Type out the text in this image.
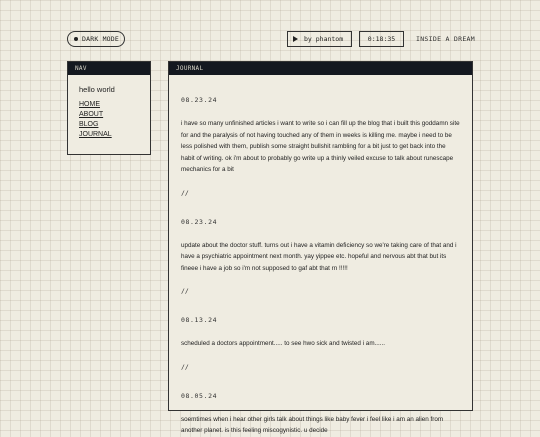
DARK MODE	by phantom	0:18:35	INSIDE A DREAM
NAV
hello world
HOME
ABOUT
BLOG
JOURNAL
JOURNAL
08.23.24
i have so many unfinished articles i want to write so i can fill up the blog that i built this goddamn site for and the paralysis of not having touched any of them in weeks is killing me. maybe i need to be less polished with them, publish some straight bullshit rambling for a bit just to get back into the habit of writing. ok i'm about to probably go write up a thinly veiled excuse to talk about runescape mechanics for a bit
//
08.23.24
update about the doctor stuff. turns out i have a vitamin deficiency so we're taking care of that and i have a psychiatric appointment next month. yay yippee etc. hopeful and nervous abt that but its fineee i have a job so i'm not supposed to gaf abt that rn !!!!!
//
08.13.24
scheduled a doctors appointment..... to see hwo sick and twisted i am......
//
08.05.24
soemtimes when i hear other girls talk about things like baby fever i feel like i am an alien from another planet. is this feeling miscogynistic. u decide
